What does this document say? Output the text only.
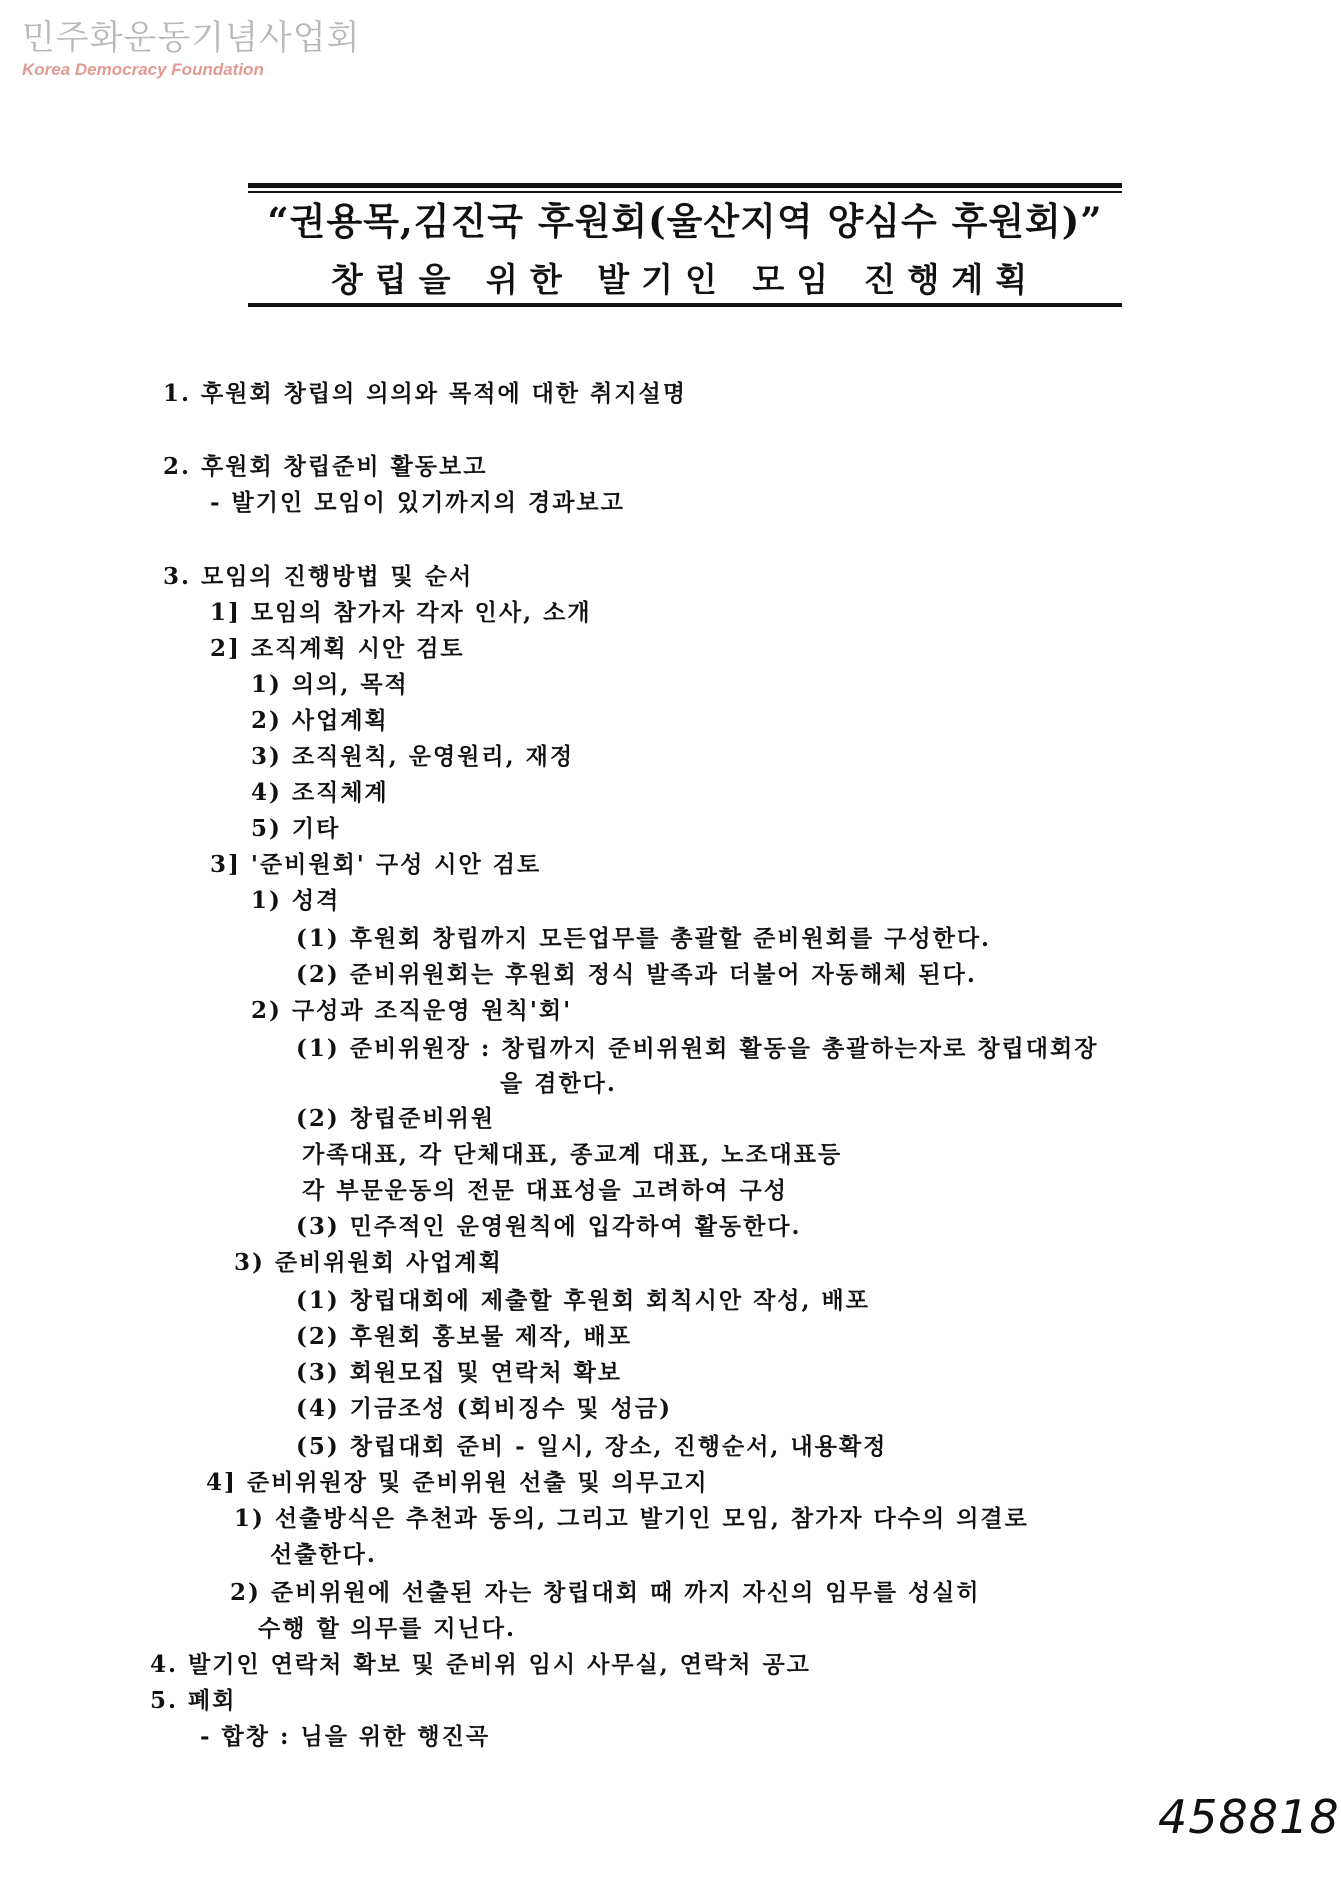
민주화운동기념사업회
Korea Democracy Foundation
“권용목,김진국 후원회(울산지역 양심수 후원회)”
창립을 위한 발기인 모임 진행계획
1. 후원회 창립의 의의와 목적에 대한 취지설명
2. 후원회 창립준비 활동보고
- 발기인 모임이 있기까지의 경과보고
3. 모임의 진행방법 및 순서
1] 모임의 참가자 각자 인사, 소개
2] 조직계획 시안 검토
1) 의의, 목적
2) 사업계획
3) 조직원칙, 운영원리, 재정
4) 조직체계
5) 기타
3] '준비원회' 구성 시안 검토
1) 성격
(1) 후원회 창립까지 모든업무를 총괄할 준비원회를 구성한다.
(2) 준비위원회는 후원회 정식 발족과 더불어 자동해체 된다.
2) 구성과 조직운영 원칙'회'
(1) 준비위원장 : 창립까지 준비위원회 활동을 총괄하는자로 창립대회장
을 겸한다.
(2) 창립준비위원
가족대표, 각 단체대표, 종교계 대표, 노조대표등
각 부문운동의 전문 대표성을 고려하여 구성
(3) 민주적인 운영원칙에 입각하여 활동한다.
3) 준비위원회 사업계획
(1) 창립대회에 제출할 후원회 회칙시안 작성, 배포
(2) 후원회 홍보물 제작, 배포
(3) 회원모집 및 연락처 확보
(4) 기금조성 (회비징수 및 성금)
(5) 창립대회 준비 - 일시, 장소, 진행순서, 내용확정
4] 준비위원장 및 준비위원 선출 및 의무고지
1) 선출방식은 추천과 동의, 그리고 발기인 모임, 참가자 다수의 의결로
선출한다.
2) 준비위원에 선출된 자는 창립대회 때 까지 자신의 임무를 성실히
수행 할 의무를 지닌다.
4. 발기인 연락처 확보 및 준비위 임시 사무실, 연락처 공고
5. 폐회
- 합창 : 님을 위한 행진곡
458818
